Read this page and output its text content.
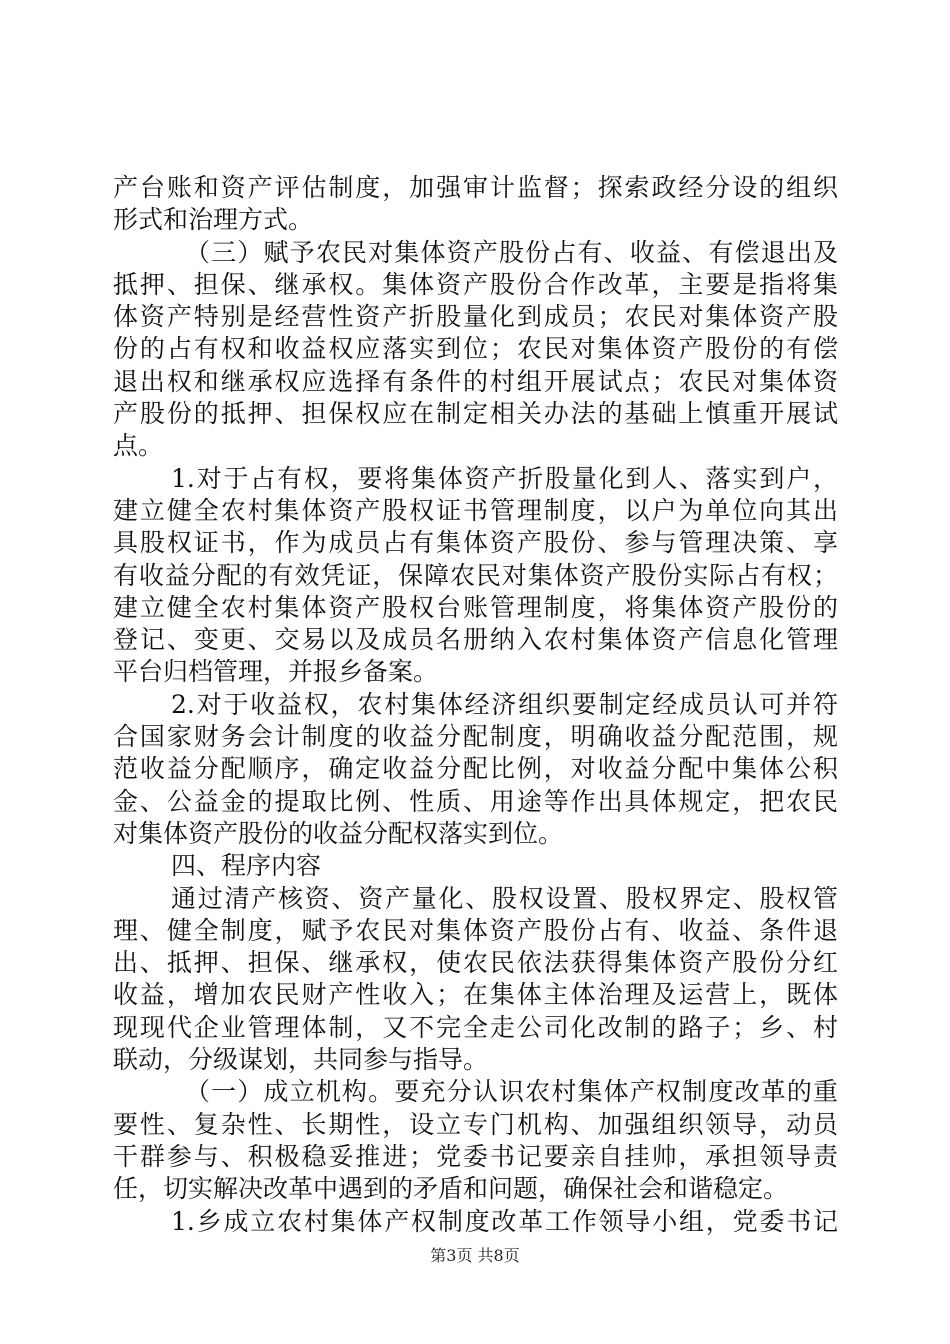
产台账和资产评估制度，加强审计监督；探索政经分设的组织
形式和治理方式。
（三）赋予农民对集体资产股份占有、收益、有偿退出及
抵押、担保、继承权。集体资产股份合作改革，主要是指将集
体资产特别是经营性资产折股量化到成员；农民对集体资产股
份的占有权和收益权应落实到位；农民对集体资产股份的有偿
退出权和继承权应选择有条件的村组开展试点；农民对集体资
产股份的抵押、担保权应在制定相关办法的基础上慎重开展试
点。
1.对于占有权，要将集体资产折股量化到人、落实到户，
建立健全农村集体资产股权证书管理制度，以户为单位向其出
具股权证书，作为成员占有集体资产股份、参与管理决策、享
有收益分配的有效凭证，保障农民对集体资产股份实际占有权；
建立健全农村集体资产股权台账管理制度，将集体资产股份的
登记、变更、交易以及成员名册纳入农村集体资产信息化管理
平台归档管理，并报乡备案。
2.对于收益权，农村集体经济组织要制定经成员认可并符
合国家财务会计制度的收益分配制度，明确收益分配范围，规
范收益分配顺序，确定收益分配比例，对收益分配中集体公积
金、公益金的提取比例、性质、用途等作出具体规定，把农民
对集体资产股份的收益分配权落实到位。
四、程序内容
通过清产核资、资产量化、股权设置、股权界定、股权管
理、健全制度，赋予农民对集体资产股份占有、收益、条件退
出、抵押、担保、继承权，使农民依法获得集体资产股份分红
收益，增加农民财产性收入；在集体主体治理及运营上，既体
现现代企业管理体制，又不完全走公司化改制的路子；乡、村
联动，分级谋划，共同参与指导。
（一）成立机构。要充分认识农村集体产权制度改革的重
要性、复杂性、长期性，设立专门机构、加强组织领导，动员
干群参与、积极稳妥推进；党委书记要亲自挂帅，承担领导责
任，切实解决改革中遇到的矛盾和问题，确保社会和谐稳定。
1.乡成立农村集体产权制度改革工作领导小组，党委书记
第3页 共8页
